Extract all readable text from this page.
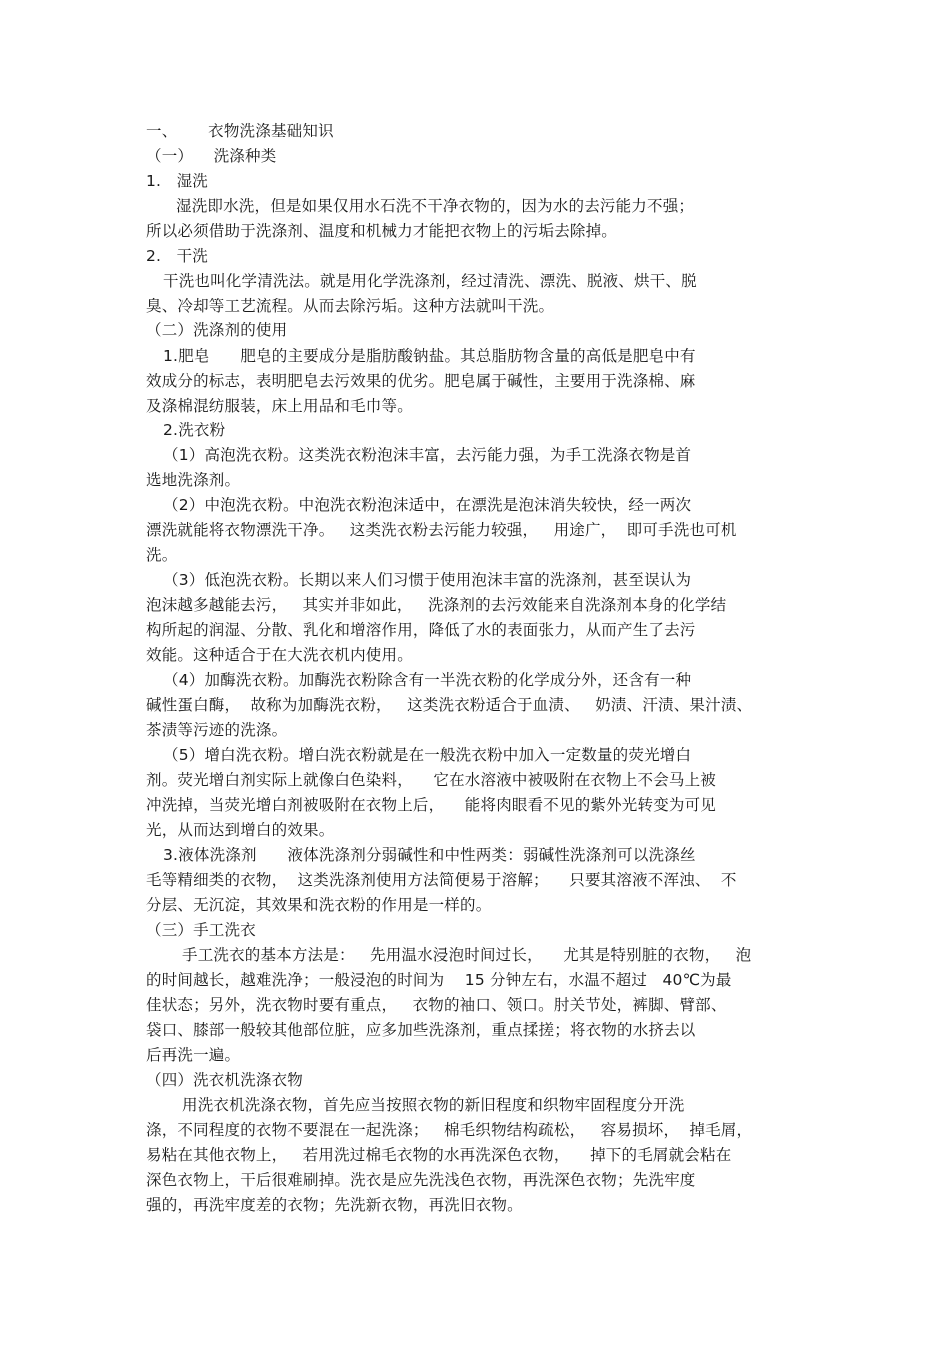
一、      衣物洗涤基础知识
（一）    洗涤种类
1.   湿洗
湿洗即水洗，但是如果仅用水石洗不干净衣物的，因为水的去污能力不强；
所以必须借助于洗涤剂、温度和机械力才能把衣物上的污垢去除掉。
2.   干洗
干洗也叫化学清洗法。就是用化学洗涤剂，经过清洗、漂洗、脱液、烘干、脱
臭、冷却等工艺流程。从而去除污垢。这种方法就叫干洗。
（二）洗涤剂的使用
1.肥皂      肥皂的主要成分是脂肪酸钠盐。其总脂肪物含量的高低是肥皂中有
效成分的标志，表明肥皂去污效果的优劣。肥皂属于碱性，主要用于洗涤棉、麻
及涤棉混纺服装，床上用品和毛巾等。
2.洗衣粉
（1）高泡洗衣粉。这类洗衣粉泡沫丰富，去污能力强，为手工洗涤衣物是首
选地洗涤剂。
（2）中泡洗衣粉。中泡洗衣粉泡沫适中，在漂洗是泡沫消失较快，经一两次
漂洗就能将衣物漂洗干净。   这类洗衣粉去污能力较强，   用途广，  即可手洗也可机
洗。
（3）低泡洗衣粉。长期以来人们习惯于使用泡沫丰富的洗涤剂，甚至误认为
泡沫越多越能去污，   其实并非如此，   洗涤剂的去污效能来自洗涤剂本身的化学结
构所起的润湿、分散、乳化和增溶作用，降低了水的表面张力，从而产生了去污
效能。这种适合于在大洗衣机内使用。
（4）加酶洗衣粉。加酶洗衣粉除含有一半洗衣粉的化学成分外，还含有一种
碱性蛋白酶，  故称为加酶洗衣粉，   这类洗衣粉适合于血渍、   奶渍、汗渍、果汁渍、
茶渍等污迹的洗涤。
（5）增白洗衣粉。增白洗衣粉就是在一般洗衣粉中加入一定数量的荧光增白
剂。荧光增白剂实际上就像白色染料，    它在水溶液中被吸附在衣物上不会马上被
冲洗掉，当荧光增白剂被吸附在衣物上后，    能将肉眼看不见的紫外光转变为可见
光，从而达到增白的效果。
3.液体洗涤剂      液体洗涤剂分弱碱性和中性两类：弱碱性洗涤剂可以洗涤丝
毛等精细类的衣物，  这类洗涤剂使用方法简便易于溶解；    只要其溶液不浑浊、  不
分层、无沉淀，其效果和洗衣粉的作用是一样的。
（三）手工洗衣
手工洗衣的基本方法是：   先用温水浸泡时间过长，    尤其是特别脏的衣物，   泡
的时间越长，越难洗净；一般浸泡的时间为    15 分钟左右，水温不超过   40℃为最
佳状态；另外，洗衣物时要有重点，   衣物的袖口、领口。肘关节处，裤脚、臂部、
袋口、膝部一般较其他部位脏，应多加些洗涤剂，重点揉搓；将衣物的水挤去以
后再洗一遍。
（四）洗衣机洗涤衣物
用洗衣机洗涤衣物，首先应当按照衣物的新旧程度和织物牢固程度分开洗
涤，不同程度的衣物不要混在一起洗涤；   棉毛织物结构疏松，   容易损坏，  掉毛屑，
易粘在其他衣物上，   若用洗过棉毛衣物的水再洗深色衣物，    掉下的毛屑就会粘在
深色衣物上，干后很难刷掉。洗衣是应先洗浅色衣物，再洗深色衣物；先洗牢度
强的，再洗牢度差的衣物；先洗新衣物，再洗旧衣物。
